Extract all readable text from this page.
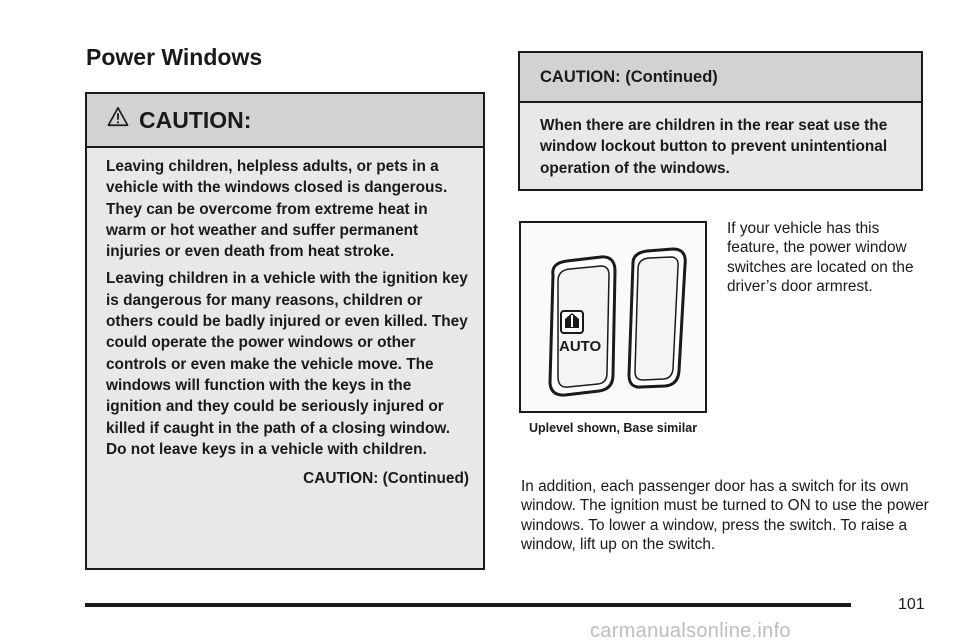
Power Windows
CAUTION:

Leaving children, helpless adults, or pets in a vehicle with the windows closed is dangerous. They can be overcome from extreme heat in warm or hot weather and suffer permanent injuries or even death from heat stroke.

Leaving children in a vehicle with the ignition key is dangerous for many reasons, children or others could be badly injured or even killed. They could operate the power windows or other controls or even make the vehicle move. The windows will function with the keys in the ignition and they could be seriously injured or killed if caught in the path of a closing window. Do not leave keys in a vehicle with children.

CAUTION: (Continued)

CAUTION: (Continued)
When there are children in the rear seat use the window lockout button to prevent unintentional operation of the windows.
AUTO
Uplevel shown, Base similar
If your vehicle has this feature, the power window switches are located on the driver’s door armrest.
In addition, each passenger door has a switch for its own window. The ignition must be turned to ON to use the power windows. To lower a window, press the switch. To raise a window, lift up on the switch.
101
carmanualsonline.info
